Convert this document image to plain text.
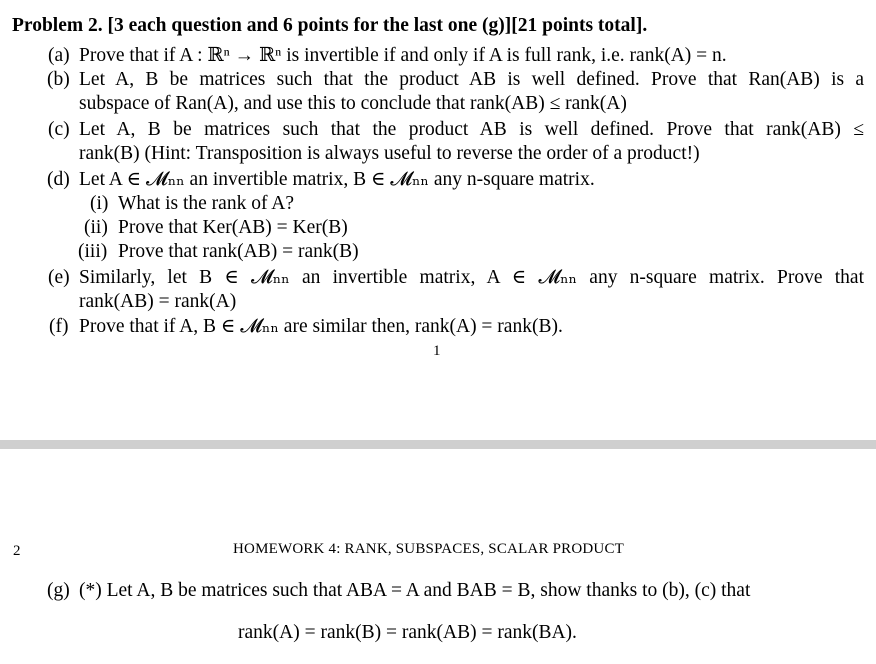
Problem 2. [3 each question and 6 points for the last one (g)][21 points total].
(a) Prove that if A : ℝⁿ → ℝⁿ is invertible if and only if A is full rank, i.e. rank(A) = n.
(b) Let A, B be matrices such that the product AB is well defined. Prove that Ran(AB) is a
subspace of Ran(A), and use this to conclude that rank(AB) ≤ rank(A)
(c) Let A, B be matrices such that the product AB is well defined. Prove that rank(AB) ≤
rank(B) (Hint: Transposition is always useful to reverse the order of a product!)
(d) Let A ∈ 𝓜ₙₙ an invertible matrix, B ∈ 𝓜ₙₙ any n-square matrix.
(i) What is the rank of A?
(ii) Prove that Ker(AB) = Ker(B)
(iii) Prove that rank(AB) = rank(B)
(e) Similarly, let B ∈ 𝓜ₙₙ an invertible matrix, A ∈ 𝓜ₙₙ any n-square matrix. Prove that
rank(AB) = rank(A)
(f) Prove that if A, B ∈ 𝓜ₙₙ are similar then, rank(A) = rank(B).
1
2	HOMEWORK 4: RANK, SUBSPACES, SCALAR PRODUCT
(g) (*) Let A, B be matrices such that ABA = A and BAB = B, show thanks to (b), (c) that
rank(A) = rank(B) = rank(AB) = rank(BA).
